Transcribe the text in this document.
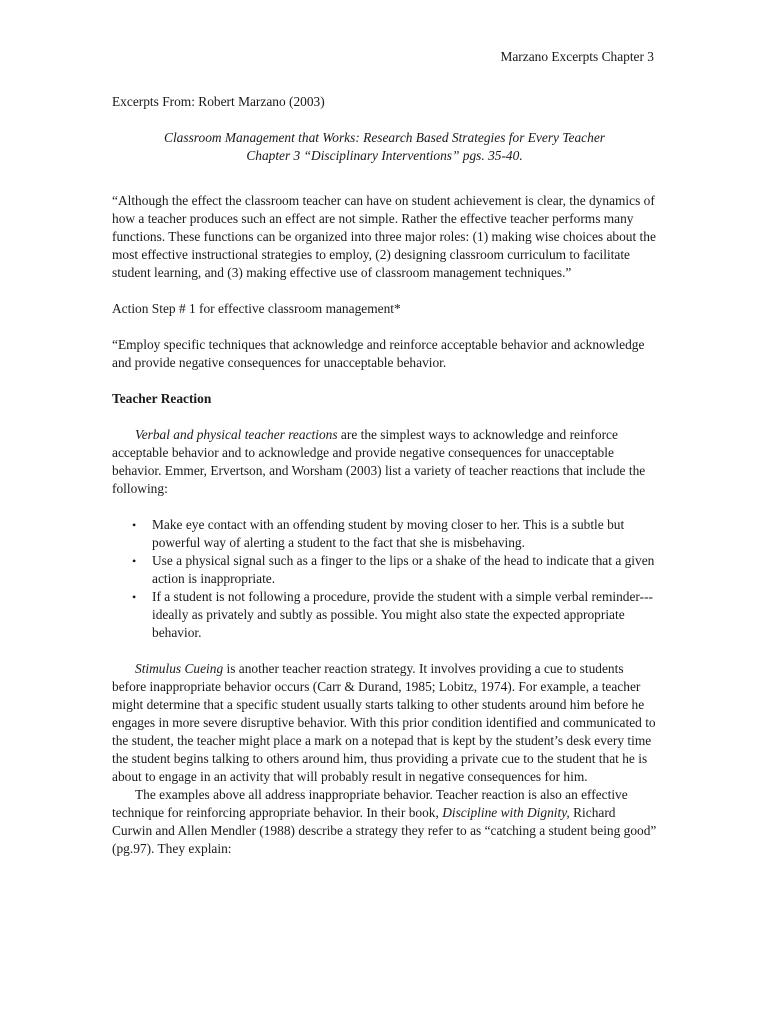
Marzano Excerpts Chapter 3

Excerpts From: Robert Marzano (2003)

Classroom Management that Works: Research Based Strategies for Every Teacher
Chapter 3 “Disciplinary Interventions” pgs. 35-40.

“Although the effect the classroom teacher can have on student achievement is clear, the dynamics of how a teacher produces such an effect are not simple. Rather the effective teacher performs many functions. These functions can be organized into three major roles: (1) making wise choices about the most effective instructional strategies to employ, (2) designing classroom curriculum to facilitate student learning, and (3) making effective use of classroom management techniques.”

Action Step # 1 for effective classroom management*

“Employ specific techniques that acknowledge and reinforce acceptable behavior and acknowledge and provide negative consequences for unacceptable behavior.

Teacher Reaction

Verbal and physical teacher reactions are the simplest ways to acknowledge and reinforce acceptable behavior and to acknowledge and provide negative consequences for unacceptable behavior. Emmer, Ervertson, and Worsham (2003) list a variety of teacher reactions that include the following:

• Make eye contact with an offending student by moving closer to her. This is a subtle but powerful way of alerting a student to the fact that she is misbehaving.
• Use a physical signal such as a finger to the lips or a shake of the head to indicate that a given action is inappropriate.
• If a student is not following a procedure, provide the student with a simple verbal reminder---ideally as privately and subtly as possible. You might also state the expected appropriate behavior.

Stimulus Cueing is another teacher reaction strategy. It involves providing a cue to students before inappropriate behavior occurs (Carr & Durand, 1985; Lobitz, 1974). For example, a teacher might determine that a specific student usually starts talking to other students around him before he engages in more severe disruptive behavior. With this prior condition identified and communicated to the student, the teacher might place a mark on a notepad that is kept by the student’s desk every time the student begins talking to others around him, thus providing a private cue to the student that he is about to engage in an activity that will probably result in negative consequences for him.

The examples above all address inappropriate behavior. Teacher reaction is also an effective technique for reinforcing appropriate behavior. In their book, Discipline with Dignity, Richard Curwin and Allen Mendler (1988) describe a strategy they refer to as “catching a student being good” (pg.97). They explain:
